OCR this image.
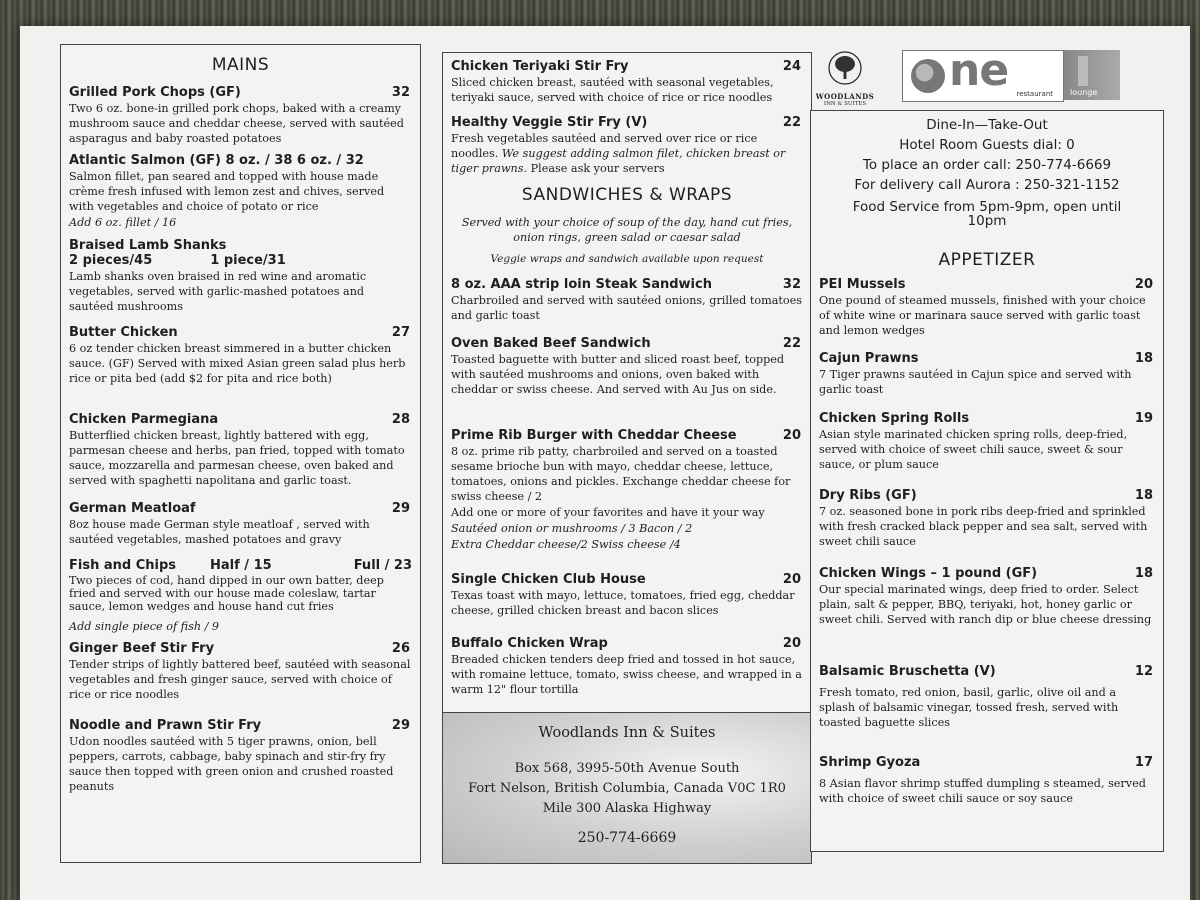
MAINS
Grilled Pork Chops (GF)	32
Two 6 oz. bone-in grilled pork chops, baked with a creamy mushroom sauce and cheddar cheese, served with sautéed asparagus and baby roasted potatoes
Atlantic Salmon (GF) 8 oz. / 38 6 oz. / 32
Salmon fillet, pan seared and topped with house made crème fresh infused with lemon zest and chives, served with vegetables and choice of potato or rice
Add 6 oz. fillet / 16
Braised Lamb Shanks
2 pieces/45	1 piece/31
Lamb shanks oven braised in red wine and aromatic vegetables, served with garlic-mashed potatoes and sautéed mushrooms
Butter Chicken	27
6 oz tender chicken breast simmered in a butter chicken sauce. (GF) Served with mixed Asian green salad plus herb rice or pita bed (add $2 for pita and rice both)
Chicken Parmegiana	28
Butterflied chicken breast, lightly battered with egg, parmesan cheese and herbs, pan fried, topped with tomato sauce, mozzarella and parmesan cheese, oven baked and served with spaghetti napolitana and garlic toast.
German Meatloaf	29
8oz house made German style meatloaf , served with sautéed vegetables, mashed potatoes and gravy
Fish and Chips	Half / 15	Full / 23
Two pieces of cod, hand dipped in our own batter, deep fried and served with our house made coleslaw, tartar sauce, lemon wedges and house hand cut fries
Add single piece of fish / 9
Ginger Beef Stir Fry	26
Tender strips of lightly battered beef, sautéed with seasonal vegetables and fresh ginger sauce, served with choice of rice or rice noodles
Noodle and Prawn Stir Fry	29
Udon noodles sautéed with 5 tiger prawns, onion, bell peppers, carrots, cabbage, baby spinach and stir-fry fry sauce then topped with green onion and crushed roasted peanuts
Chicken Teriyaki Stir Fry	24
Sliced chicken breast, sautéed with seasonal vegetables, teriyaki sauce, served with choice of rice or rice noodles
Healthy Veggie Stir Fry (V)	22
Fresh vegetables sautéed and served over rice or rice noodles. We suggest adding salmon filet, chicken breast or tiger prawns. Please ask your servers
SANDWICHES & WRAPS
Served with your choice of soup of the day, hand cut fries, onion rings, green salad or caesar salad
Veggie wraps and sandwich available upon request
8 oz. AAA strip loin Steak Sandwich	32
Charbroiled and served with sautéed onions, grilled tomatoes and garlic toast
Oven Baked Beef Sandwich	22
Toasted baguette with butter and sliced roast beef, topped with sautéed mushrooms and onions, oven baked with cheddar or swiss cheese. And served with Au Jus on side.
Prime Rib Burger with Cheddar Cheese	20
8 oz. prime rib patty, charbroiled and served on a toasted sesame brioche bun with mayo, cheddar cheese, lettuce, tomatoes, onions and pickles. Exchange cheddar cheese for swiss cheese / 2
Add one or more of your favorites and have it your way
Sautéed onion or mushrooms / 3 Bacon / 2
Extra Cheddar cheese/2 Swiss cheese /4
Single Chicken Club House	20
Texas toast with mayo, lettuce, tomatoes, fried egg, cheddar cheese, grilled chicken breast and bacon slices
Buffalo Chicken Wrap	20
Breaded chicken tenders deep fried and tossed in hot sauce, with romaine lettuce, tomato, swiss cheese, and wrapped in a warm 12" flour tortilla
Woodlands Inn & Suites
Box 568, 3995-50th Avenue South
Fort Nelson, British Columbia, Canada V0C 1R0
Mile 300 Alaska Highway
250-774-6669
WOODLANDS
INN & SUITES
ne restaurant lounge
Dine-In—Take-Out
Hotel Room Guests dial: 0
To place an order call: 250-774-6669
For delivery call Aurora : 250-321-1152
Food Service from 5pm-9pm, open until
10pm
APPETIZER
PEI Mussels	20
One pound of steamed mussels, finished with your choice of white wine or marinara sauce served with garlic toast and lemon wedges
Cajun Prawns	18
7 Tiger prawns sautéed in Cajun spice and served with garlic toast
Chicken Spring Rolls	19
Asian style marinated chicken spring rolls, deep-fried, served with choice of sweet chili sauce, sweet & sour sauce, or plum sauce
Dry Ribs (GF)	18
7 oz. seasoned bone in pork ribs deep-fried and sprinkled with fresh cracked black pepper and sea salt, served with sweet chili sauce
Chicken Wings – 1 pound (GF)	18
Our special marinated wings, deep fried to order. Select plain, salt & pepper, BBQ, teriyaki, hot, honey garlic or sweet chili. Served with ranch dip or blue cheese dressing
Balsamic Bruschetta (V)	12
Fresh tomato, red onion, basil, garlic, olive oil and a splash of balsamic vinegar, tossed fresh, served with toasted baguette slices
Shrimp Gyoza	17
8 Asian flavor shrimp stuffed dumpling s steamed, served with choice of sweet chili sauce or soy sauce
